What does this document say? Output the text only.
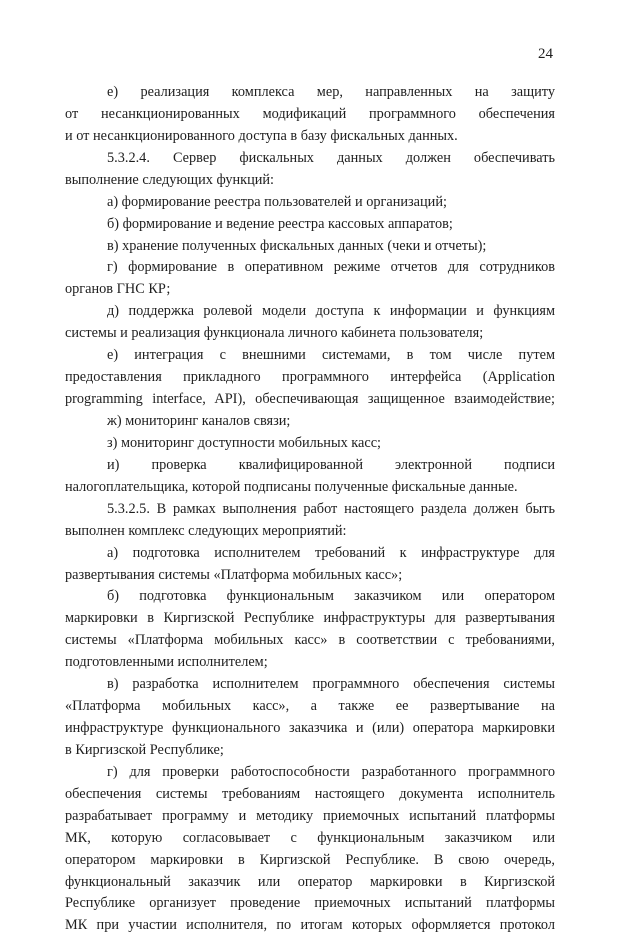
24
е) реализация комплекса мер, направленных на защиту
от несанкционированных модификаций программного обеспечения
и от несанкционированного доступа в базу фискальных данных.
5.3.2.4. Сервер фискальных данных должен обеспечивать
выполнение следующих функций:
а) формирование реестра пользователей и организаций;
б) формирование и ведение реестра кассовых аппаратов;
в) хранение полученных фискальных данных (чеки и отчеты);
г) формирование в оперативном режиме отчетов для сотрудников
органов ГНС КР;
д) поддержка ролевой модели доступа к информации и функциям
системы и реализация функционала личного кабинета пользователя;
е) интеграция с внешними системами, в том числе путем
предоставления прикладного программного интерфейса (Application
programming interface, API), обеспечивающая защищенное взаимодействие;
ж) мониторинг каналов связи;
з) мониторинг доступности мобильных касс;
и) проверка квалифицированной электронной подписи
налогоплательщика, которой подписаны полученные фискальные данные.
5.3.2.5. В рамках выполнения работ настоящего раздела должен быть
выполнен комплекс следующих мероприятий:
а) подготовка исполнителем требований к инфраструктуре для
развертывания системы «Платформа мобильных касс»;
б) подготовка функциональным заказчиком или оператором
маркировки в Киргизской Республике инфраструктуры для развертывания
системы «Платформа мобильных касс» в соответствии с требованиями,
подготовленными исполнителем;
в) разработка исполнителем программного обеспечения системы
«Платформа мобильных касс», а также ее развертывание на
инфраструктуре функционального заказчика и (или) оператора маркировки
в Киргизской Республике;
г) для проверки работоспособности разработанного программного
обеспечения системы требованиям настоящего документа исполнитель
разрабатывает программу и методику приемочных испытаний платформы
МК, которую согласовывает с функциональным заказчиком или
оператором маркировки в Киргизской Республике. В свою очередь,
функциональный заказчик или оператор маркировки в Киргизской
Республике организует проведение приемочных испытаний платформы
МК при участии исполнителя, по итогам которых оформляется протокол
